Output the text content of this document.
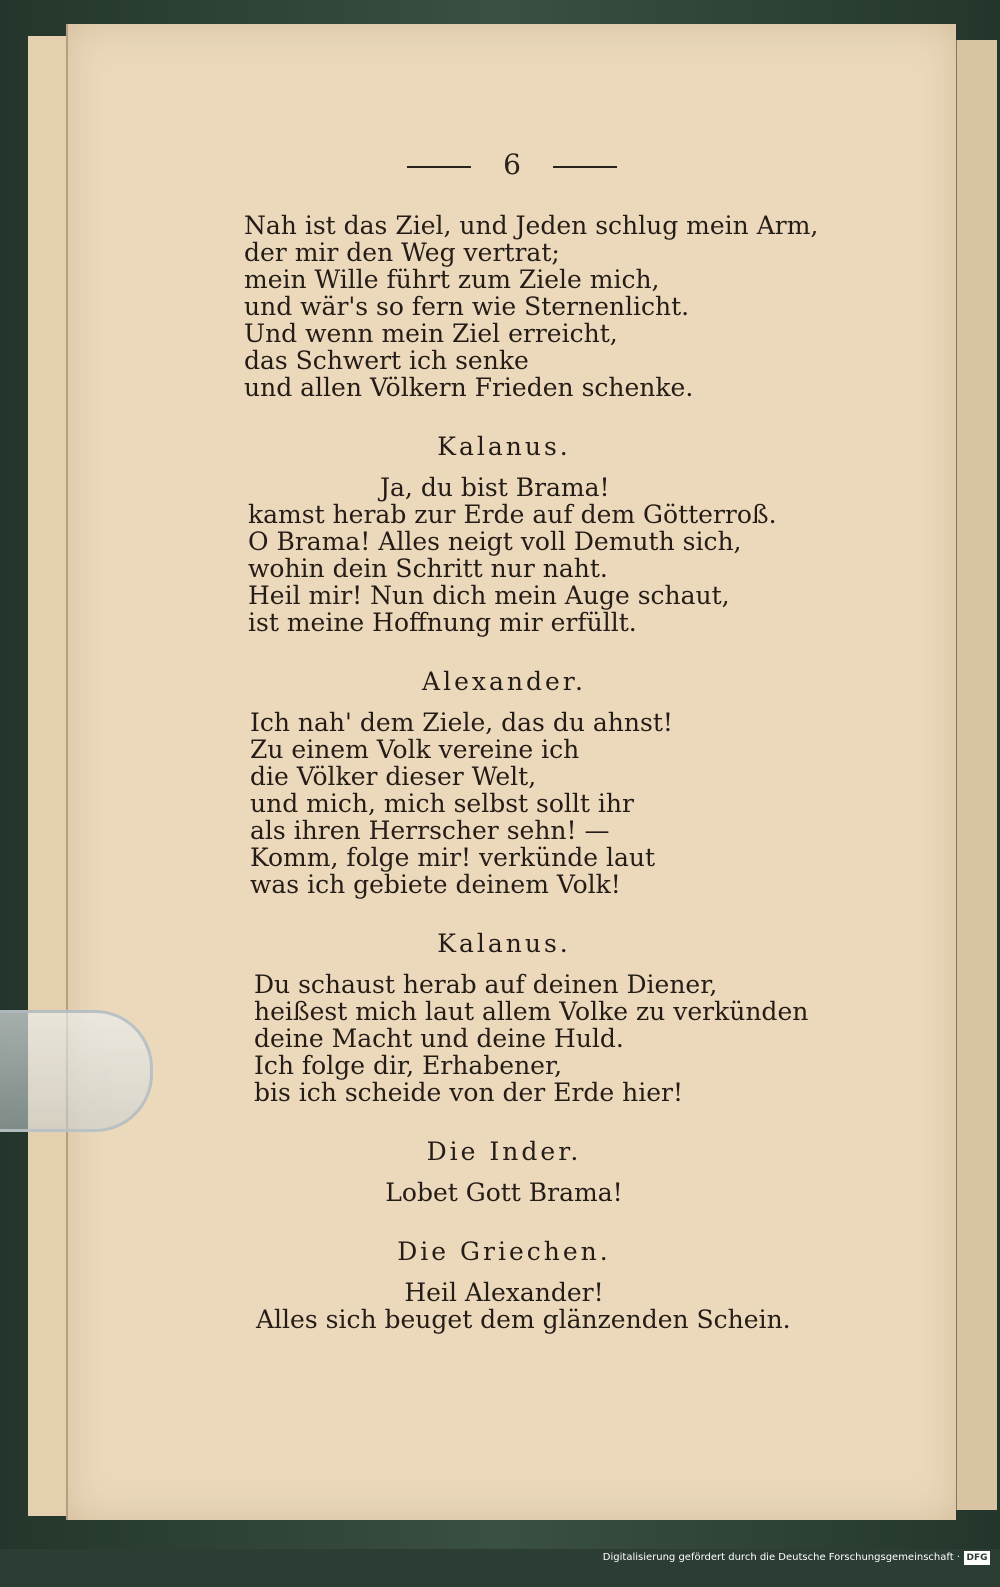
6
Nah ist das Ziel, und Jeden schlug mein Arm,
der mir den Weg vertrat;
mein Wille führt zum Ziele mich,
und wär's so fern wie Sternenlicht.
Und wenn mein Ziel erreicht,
das Schwert ich senke
und allen Völkern Frieden schenke.
Kalanus.
Ja, du bist Brama!
kamst herab zur Erde auf dem Götterroß.
O Brama! Alles neigt voll Demuth sich,
wohin dein Schritt nur naht.
Heil mir! Nun dich mein Auge schaut,
ist meine Hoffnung mir erfüllt.
Alexander.
Ich nah' dem Ziele, das du ahnst!
Zu einem Volk vereine ich
die Völker dieser Welt,
und mich, mich selbst sollt ihr
als ihren Herrscher sehn! —
Komm, folge mir! verkünde laut
was ich gebiete deinem Volk!
Kalanus.
Du schaust herab auf deinen Diener,
heißest mich laut allem Volke zu verkünden
deine Macht und deine Huld.
Ich folge dir, Erhabener,
bis ich scheide von der Erde hier!
Die Inder.
Lobet Gott Brama!
Die Griechen.
Heil Alexander!
Alles sich beuget dem glänzenden Schein.
Digitalisierung gefördert durch die Deutsche Forschungsgemeinschaft · DFG
